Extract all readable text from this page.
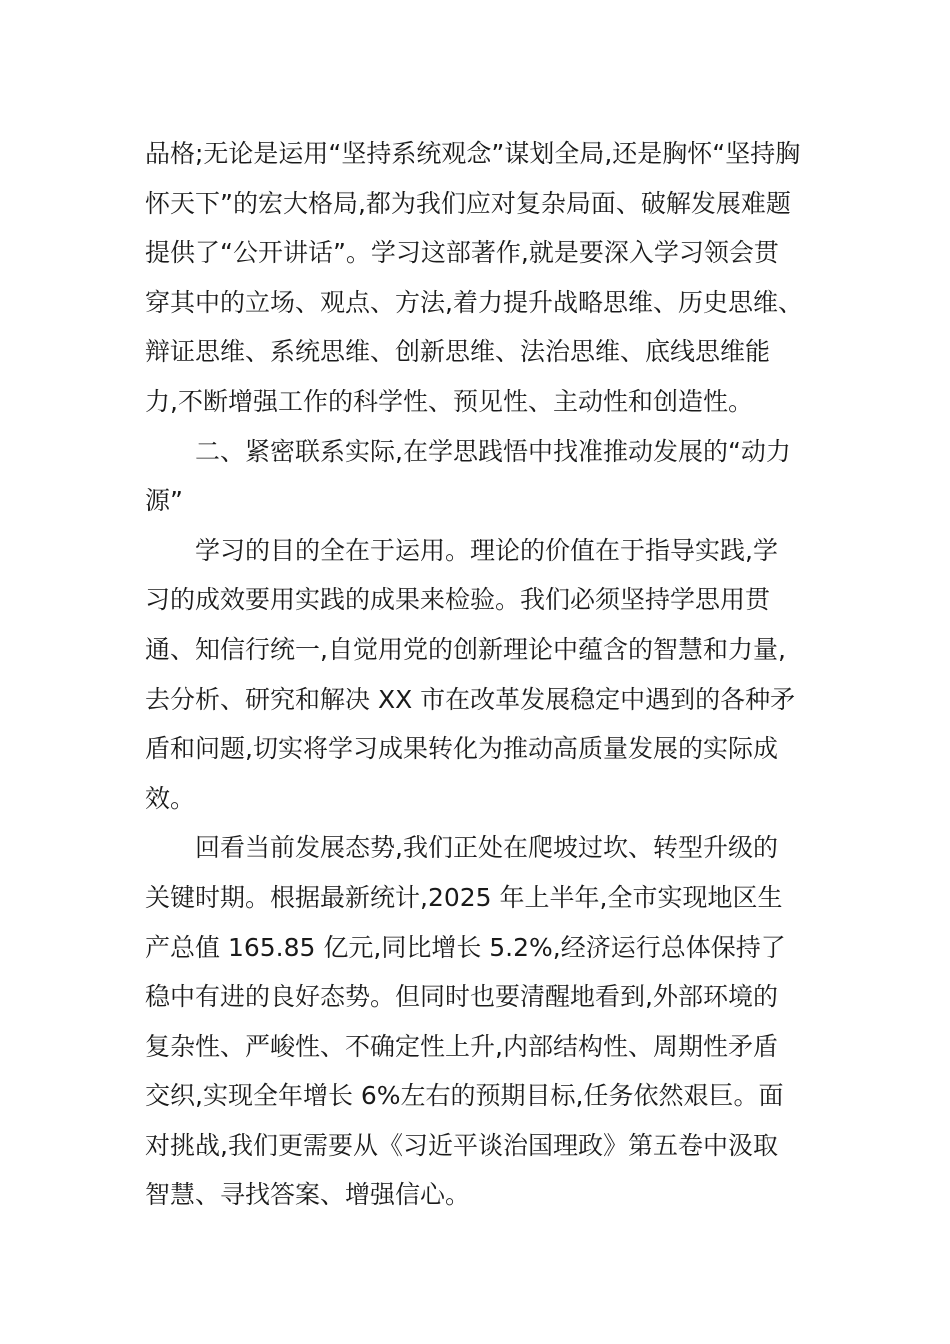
品格;无论是运用“坚持系统观念”谋划全局,还是胸怀“坚持胸
怀天下”的宏大格局,都为我们应对复杂局面、破解发展难题
提供了“公开讲话”。学习这部著作,就是要深入学习领会贯
穿其中的立场、观点、方法,着力提升战略思维、历史思维、
辩证思维、系统思维、创新思维、法治思维、底线思维能
力,不断增强工作的科学性、预见性、主动性和创造性。
二、紧密联系实际,在学思践悟中找准推动发展的“动力
源”
学习的目的全在于运用。理论的价值在于指导实践,学
习的成效要用实践的成果来检验。我们必须坚持学思用贯
通、知信行统一,自觉用党的创新理论中蕴含的智慧和力量,
去分析、研究和解决 XX 市在改革发展稳定中遇到的各种矛
盾和问题,切实将学习成果转化为推动高质量发展的实际成
效。
回看当前发展态势,我们正处在爬坡过坎、转型升级的
关键时期。根据最新统计,2025 年上半年,全市实现地区生
产总值 165.85 亿元,同比增长 5.2%,经济运行总体保持了
稳中有进的良好态势。但同时也要清醒地看到,外部环境的
复杂性、严峻性、不确定性上升,内部结构性、周期性矛盾
交织,实现全年增长 6%左右的预期目标,任务依然艰巨。面
对挑战,我们更需要从《习近平谈治国理政》第五卷中汲取
智慧、寻找答案、增强信心。
